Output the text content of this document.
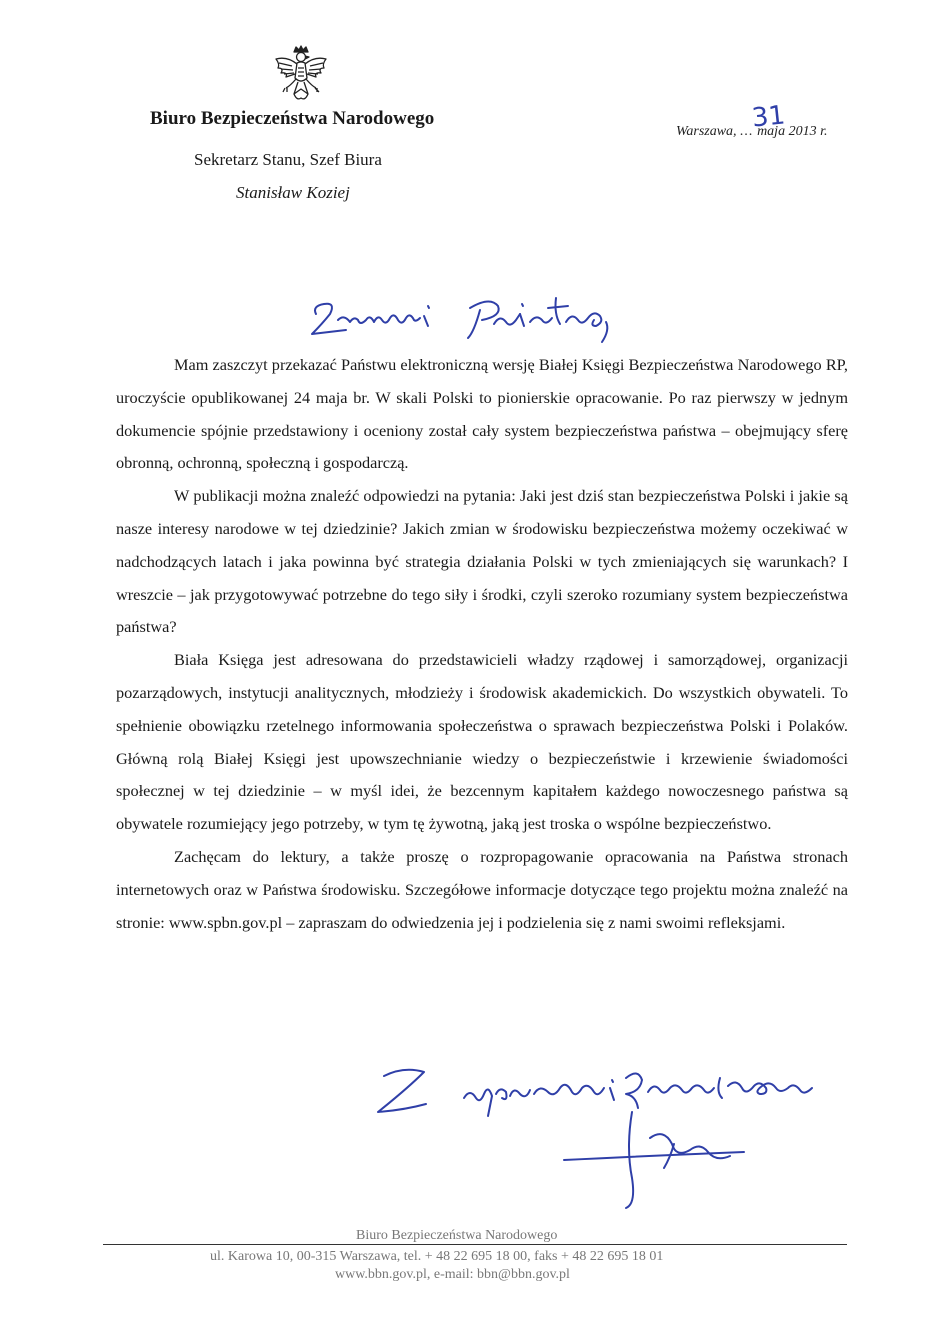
Biuro Bezpieczeństwa Narodowego
Sekretarz Stanu, Szef Biura
Stanisław Koziej
Warszawa, ... maja 2013 r.
31

Mam zaszczyt przekazać Państwu elektroniczną wersję Białej Księgi Bezpieczeństwa Narodowego RP, uroczyście opublikowanej 24 maja br. W skali Polski to pionierskie opracowanie. Po raz pierwszy w jednym dokumencie spójnie przedstawiony i oceniony został cały system bezpieczeństwa państwa – obejmujący sferę obronną, ochronną, społeczną i gospodarczą.

W publikacji można znaleźć odpowiedzi na pytania: Jaki jest dziś stan bezpieczeństwa Polski i jakie są nasze interesy narodowe w tej dziedzinie? Jakich zmian w środowisku bezpieczeństwa możemy oczekiwać w nadchodzących latach i jaka powinna być strategia działania Polski w tych zmieniających się warunkach? I wreszcie – jak przygotowywać potrzebne do tego siły i środki, czyli szeroko rozumiany system bezpieczeństwa państwa?

Biała Księga jest adresowana do przedstawicieli władzy rządowej i samorządowej, organizacji pozarządowych, instytucji analitycznych, młodzieży i środowisk akademickich. Do wszystkich obywateli. To spełnienie obowiązku rzetelnego informowania społeczeństwa o sprawach bezpieczeństwa Polski i Polaków. Główną rolą Białej Księgi jest upowszechnianie wiedzy o bezpieczeństwie i krzewienie świadomości społecznej w tej dziedzinie – w myśl idei, że bezcennym kapitałem każdego nowoczesnego państwa są obywatele rozumiejący jego potrzeby, w tym tę żywotną, jaką jest troska o wspólne bezpieczeństwo.

Zachęcam do lektury, a także proszę o rozpropagowanie opracowania na Państwa stronach internetowych oraz w Państwa środowisku. Szczegółowe informacje dotyczące tego projektu można znaleźć na stronie: www.spbn.gov.pl – zapraszam do odwiedzenia jej i podzielenia się z nami swoimi refleksjami.

Biuro Bezpieczeństwa Narodowego
ul. Karowa 10, 00-315 Warszawa, tel. + 48 22 695 18 00, faks + 48 22 695 18 01
www.bbn.gov.pl, e-mail: bbn@bbn.gov.pl
